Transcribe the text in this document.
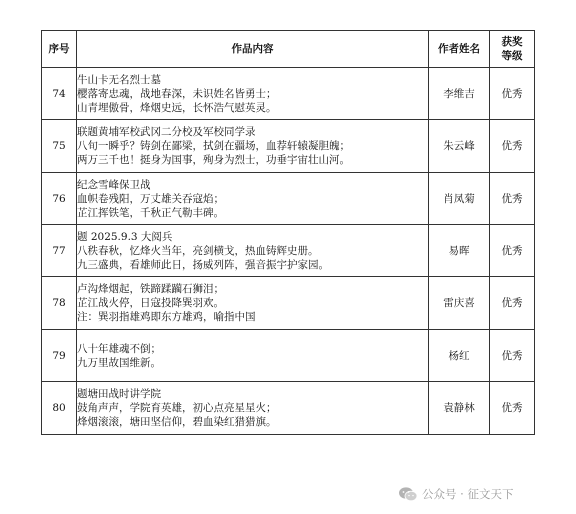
序号	作品内容	作者姓名	获奖
等级

74	牛山卡无名烈士墓
樱落寄忠魂，战地春深，未识姓名皆勇士；
山青埋傲骨，烽烟史远，长怀浩气慰英灵。	李维吉	优秀
75	联题黄埔军校武冈二分校及军校同学录
八旬一瞬乎？铸剑在鄙梁，拭剑在疆场，血荐轩辕凝胆魄；
两万三千也！挺身为国事，殉身为烈士，功垂宇宙壮山河。	朱云峰	优秀
76	纪念雪峰保卫战
血帜卷残阳，万丈雄关吞寇焰；
芷江挥铁笔，千秋正气勒丰碑。	肖凤菊	优秀
77	题 2025.9.3 大阅兵
八秩春秋，忆烽火当年，亮剑横戈，热血铸辉史册。
九三盛典，看雄师此日，扬威列阵，强音振宇护家园。	易晖	优秀
78	卢沟烽烟起，铁蹄蹂躏石狮泪；
芷江战火停，日寇投降巽羽欢。
注：巽羽指雄鸡即东方雄鸡，喻指中国	雷庆喜	优秀
79	八十年雄魂不倒；
九万里故国维新。	杨红	优秀
80	题塘田战时讲学院
鼓角声声，学院育英雄，初心点亮星星火；
烽烟滚滚，塘田坚信仰，碧血染红猎猎旗。	袁静林	优秀
公众号 · 征文天下
